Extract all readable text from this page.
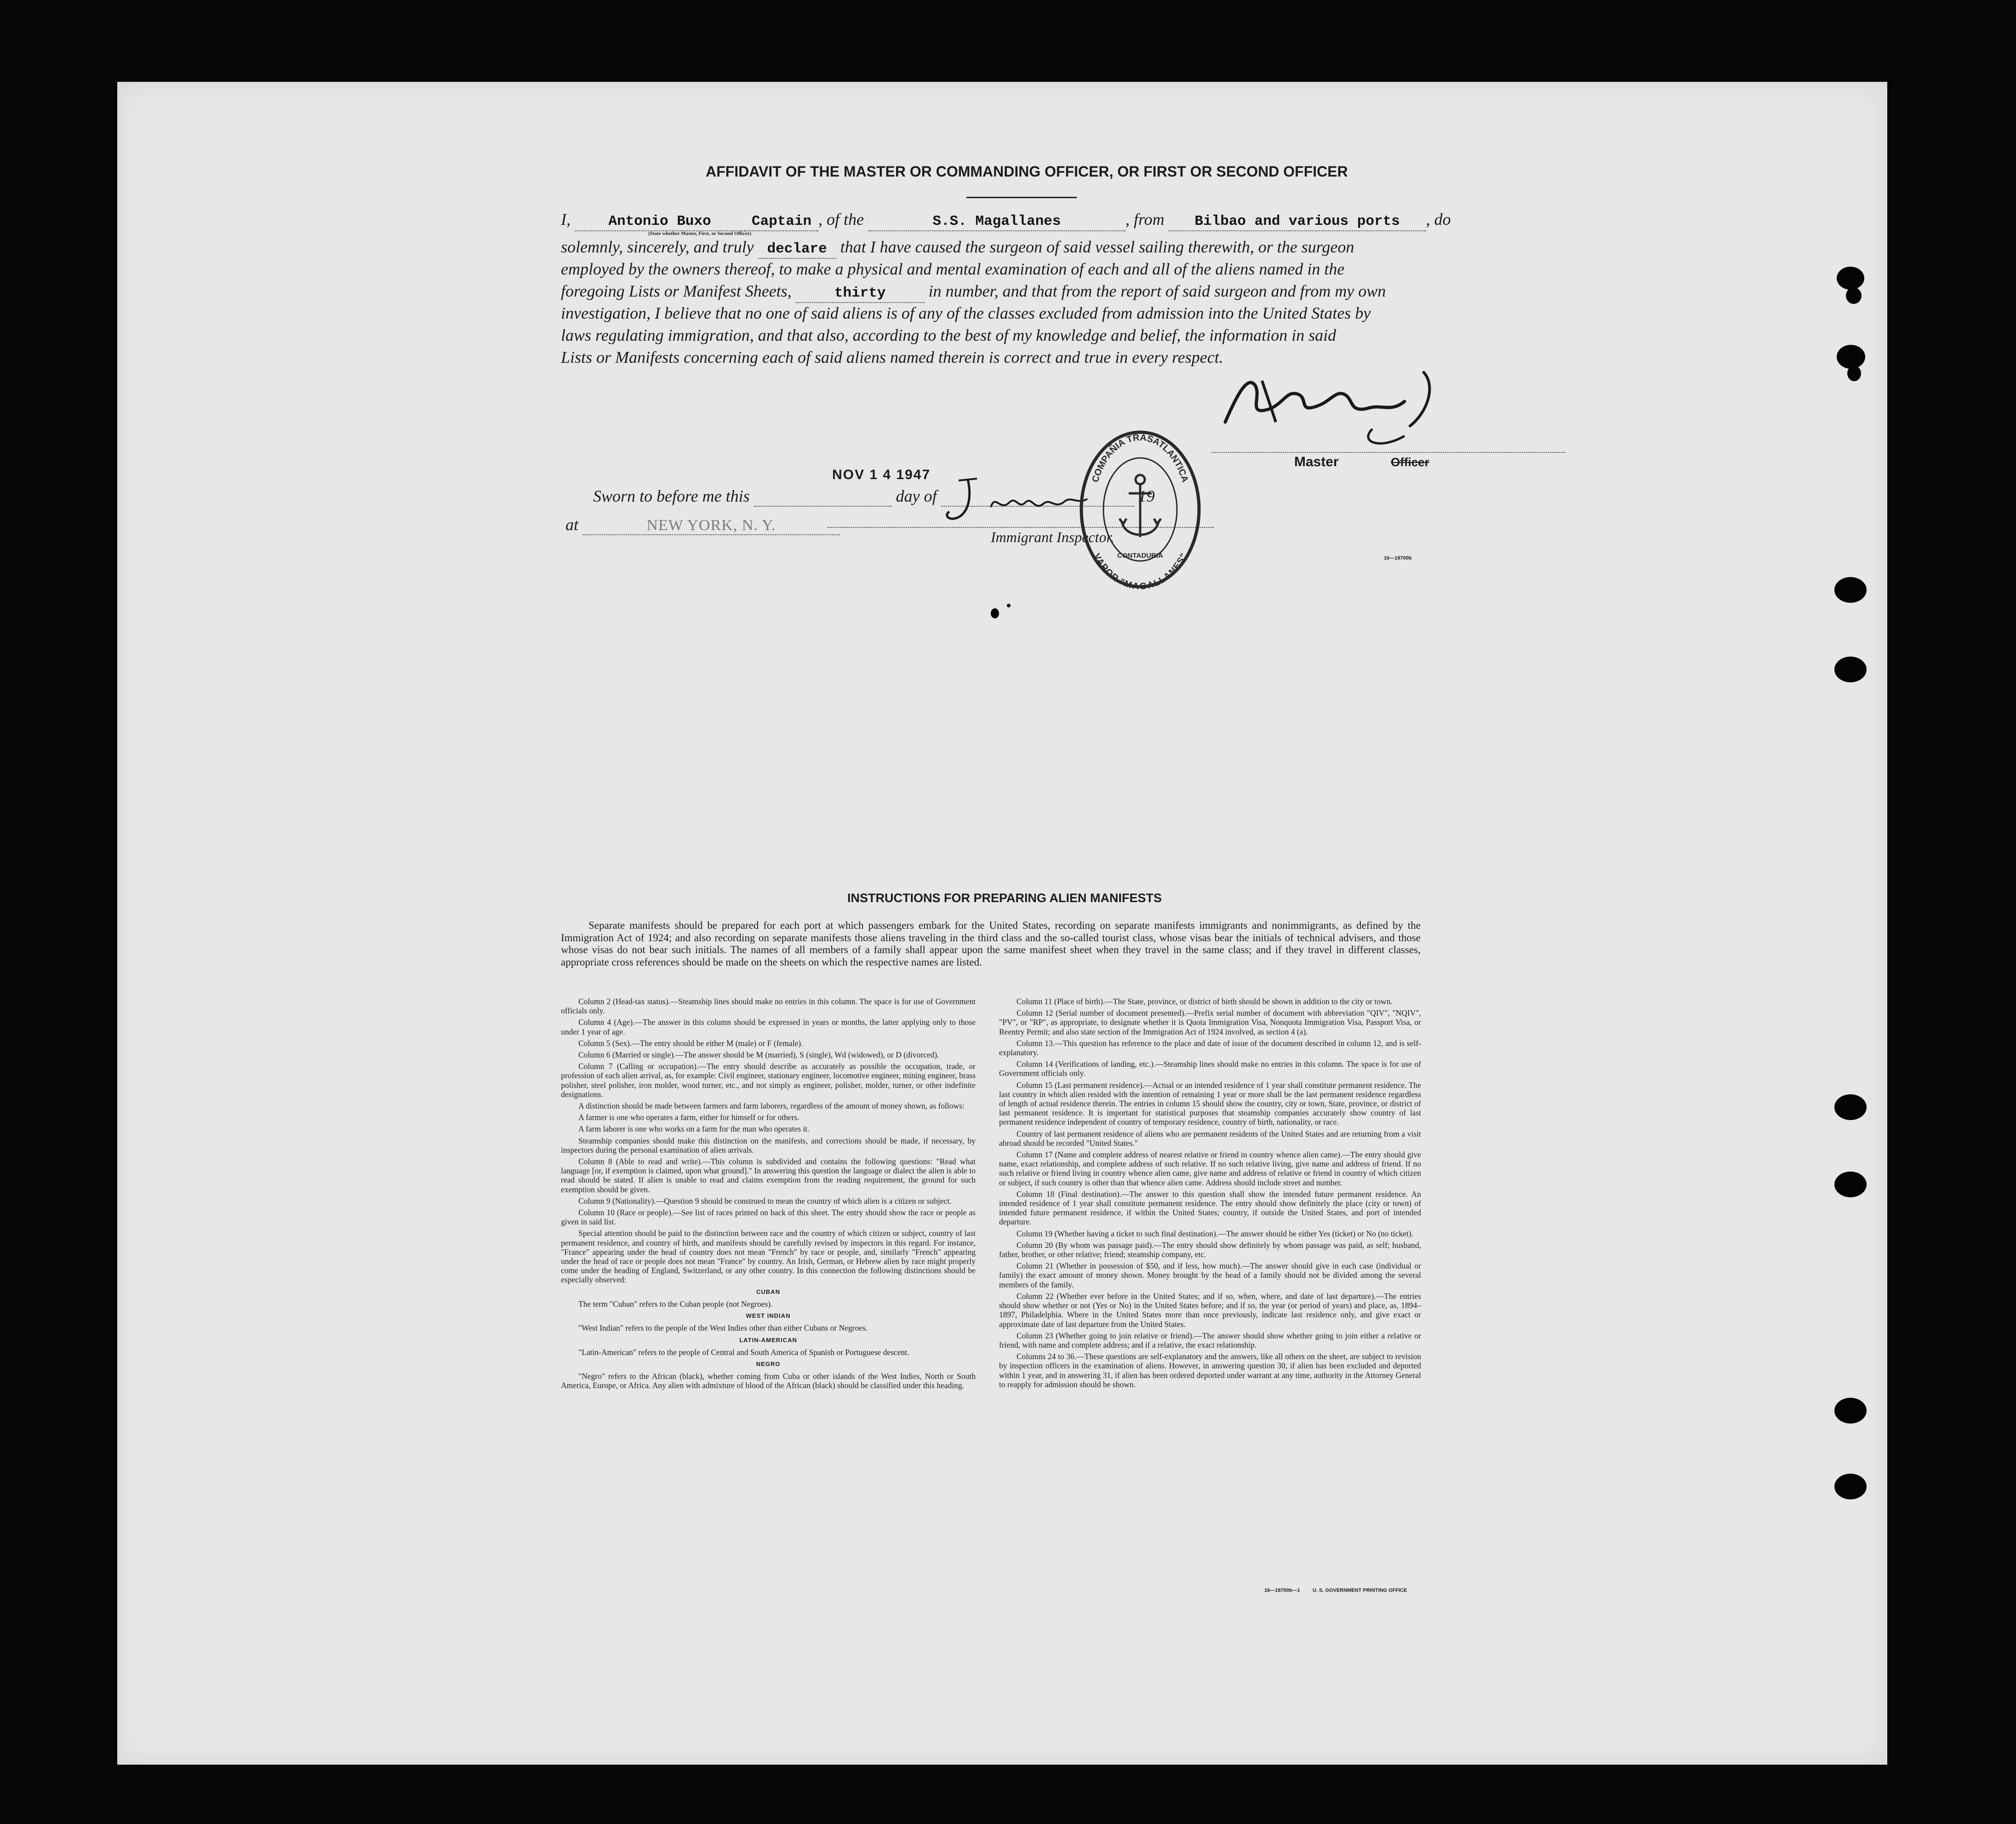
AFFIDAVIT OF THE MASTER OR COMMANDING OFFICER, OR FIRST OR SECOND OFFICER
I,	Antonio Buxo	Captain , of the	S.S. Magallanes	, from Bilbao and various ports , do
(State whether Master, First, or Second Officer)
solemnly, sincerely, and truly declare that I have caused the surgeon of said vessel sailing therewith, or the surgeon
employed by the owners thereof, to make a physical and mental examination of each and all of the aliens named in the
foregoing Lists or Manifest Sheets,	thirty	in number, and that from the report of said surgeon and from my own
investigation, I believe that no one of said aliens is of any of the classes excluded from admission into the United States by
laws regulating immigration, and that also, according to the best of my knowledge and belief, the information in said
Lists or Manifests concerning each of said aliens named therein is correct and true in every respect.
Master	Officer
NOV 1 4 1947
Sworn to before me this	day of	19
at	NEW YORK, N. Y.
Immigrant Inspector.
COMPAÑIA TRASATLANTICA
VAPOR "MAGALLANES"
CONTADURIA	16—18700b
INSTRUCTIONS FOR PREPARING ALIEN MANIFESTS

Separate manifests should be prepared for each port at which passengers embark for the United States, recording on separate manifests immigrants and nonimmigrants, as defined by the Immigration Act of 1924; and also recording on separate manifests those aliens traveling in the third class and the so-called tourist class, whose visas bear the initials of technical advisers, and those whose visas do not bear such initials. The names of all members of a family shall appear upon the same manifest sheet when they travel in the same class; and if they travel in different classes, appropriate cross references should be made on the sheets on which the respective names are listed.

Column 2 (Head-tax status).—Steamship lines should make no entries in this column. The space is for use of Government officials only.

Column 4 (Age).—The answer in this column should be expressed in years or months, the latter applying only to those under 1 year of age.

Column 5 (Sex).—The entry should be either M (male) or F (female).

Column 6 (Married or single).—The answer should be M (married), S (single), Wd (widowed), or D (divorced).

Column 7 (Calling or occupation).—The entry should describe as accurately as possible the occupation, trade, or profession of each alien arrival, as, for example: Civil engineer, stationary engineer, locomotive engineer, mining engineer, brass polisher, steel polisher, iron molder, wood turner, etc., and not simply as engineer, polisher, molder, turner, or other indefinite designations.

A distinction should be made between farmers and farm laborers, regardless of the amount of money shown, as follows:

A farmer is one who operates a farm, either for himself or for others.

A farm laborer is one who works on a farm for the man who operates it.

Steamship companies should make this distinction on the manifests, and corrections should be made, if necessary, by inspectors during the personal examination of alien arrivals.

Column 8 (Able to read and write).—This column is subdivided and contains the following questions: "Read what language [or, if exemption is claimed, upon what ground]." In answering this question the language or dialect the alien is able to read should be stated. If alien is unable to read and claims exemption from the reading requirement, the ground for such exemption should be given.

Column 9 (Nationality).—Question 9 should be construed to mean the country of which alien is a citizen or subject.

Column 10 (Race or people).—See list of races printed on back of this sheet. The entry should show the race or people as given in said list.

Special attention should be paid to the distinction between race and the country of which citizen or subject, country of last permanent residence, and country of birth, and manifests should be carefully revised by inspectors in this regard. For instance, "France" appearing under the head of country does not mean "French" by race or people, and, similarly "French" appearing under the head of race or people does not mean "France" by country. An Irish, German, or Hebrew alien by race might properly come under the heading of England, Switzerland, or any other country. In this connection the following distinctions should be especially observed:

CUBAN

The term "Cuban" refers to the Cuban people (not Negroes).

WEST INDIAN

"West Indian" refers to the people of the West Indies other than either Cubans or Negroes.

LATIN-AMERICAN

"Latin-American" refers to the people of Central and South America of Spanish or Portuguese descent.

NEGRO

"Negro" refers to the African (black), whether coming from Cuba or other islands of the West Indies, North or South America, Europe, or Africa. Any alien with admixture of blood of the African (black) should be classified under this heading.

Column 11 (Place of birth).—The State, province, or district of birth should be shown in addition to the city or town.

Column 12 (Serial number of document presented).—Prefix serial number of document with abbreviation "QIV", "NQIV", "PV", or "RP", as appropriate, to designate whether it is Quota Immigration Visa, Nonquota Immigration Visa, Passport Visa, or Reentry Permit; and also state section of the Immigration Act of 1924 involved, as section 4 (a).

Column 13.—This question has reference to the place and date of issue of the document described in column 12, and is self-explanatory.

Column 14 (Verifications of landing, etc.).—Steamship lines should make no entries in this column. The space is for use of Government officials only.

Column 15 (Last permanent residence).—Actual or an intended residence of 1 year shall constitute permanent residence. The last country in which alien resided with the intention of remaining 1 year or more shall be the last permanent residence regardless of length of actual residence therein. The entries in column 15 should show the country, city or town, State, province, or district of last permanent residence. It is important for statistical purposes that steamship companies accurately show country of last permanent residence independent of country of temporary residence, country of birth, nationality, or race.

Country of last permanent residence of aliens who are permanent residents of the United States and are returning from a visit abroad should be recorded "United States."

Column 17 (Name and complete address of nearest relative or friend in country whence alien came).—The entry should give name, exact relationship, and complete address of such relative. If no such relative living, give name and address of friend. If no such relative or friend living in country whence alien came, give name and address of relative or friend in country of which citizen or subject, if such country is other than that whence alien came. Address should include street and number.

Column 18 (Final destination).—The answer to this question shall show the intended future permanent residence. An intended residence of 1 year shall constitute permanent residence. The entry should show definitely the place (city or town) of intended future permanent residence, if within the United States; country, if outside the United States, and port of intended departure.

Column 19 (Whether having a ticket to such final destination).—The answer should be either Yes (ticket) or No (no ticket).

Column 20 (By whom was passage paid).—The entry should show definitely by whom passage was paid, as self; husband, father, brother, or other relative; friend; steamship company, etc.

Column 21 (Whether in possession of $50, and if less, how much).—The answer should give in each case (individual or family) the exact amount of money shown. Money brought by the head of a family should not be divided among the several members of the family.

Column 22 (Whether ever before in the United States; and if so, when, where, and date of last departure).—The entries should show whether or not (Yes or No) in the United States before; and if so, the year (or period of years) and place, as, 1894–1897, Philadelphia. Where in the United States more than once previously, indicate last residence only, and give exact or approximate date of last departure from the United States.

Column 23 (Whether going to join relative or friend).—The answer should show whether going to join either a relative or friend, with name and complete address; and if a relative, the exact relationship.

Columns 24 to 36.—These questions are self-explanatory and the answers, like all others on the sheet, are subject to revision by inspection officers in the examination of aliens. However, in answering question 30, if alien has been excluded and deported within 1 year, and in answering 31, if alien has been ordered deported under warrant at any time, authority in the Attorney General to reapply for admission should be shown.

16—18700b—1 U. S. GOVERNMENT PRINTING OFFICE
